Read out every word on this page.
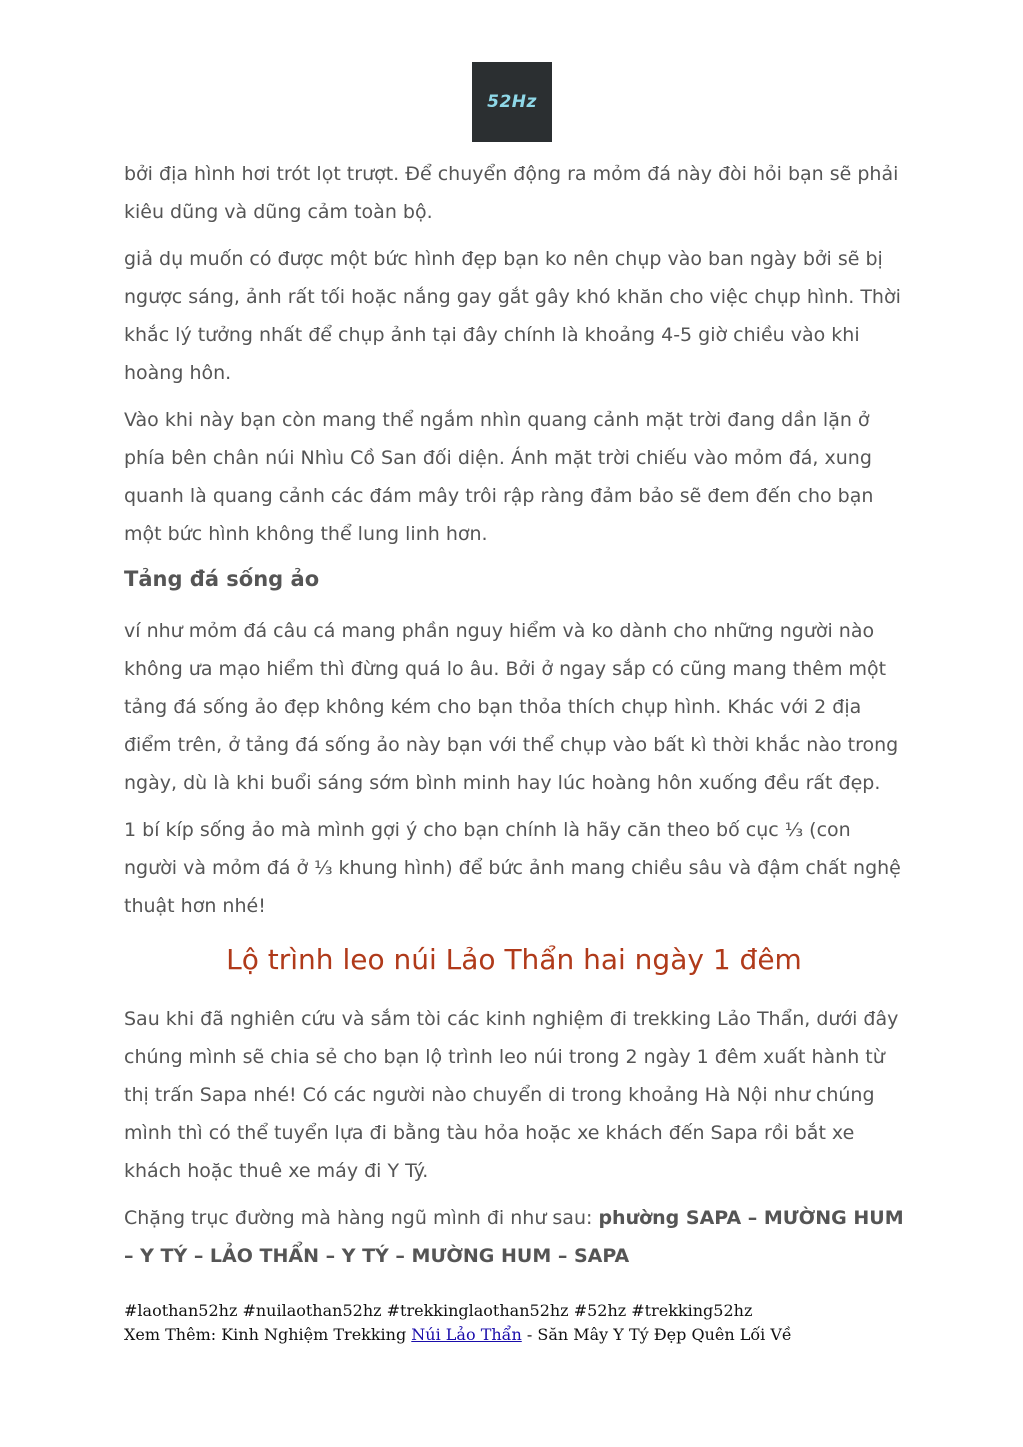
52Hz

bởi địa hình hơi trót lọt trượt. Để chuyển động ra mỏm đá này đòi hỏi bạn sẽ phải kiêu dũng và dũng cảm toàn bộ.

giả dụ muốn có được một bức hình đẹp bạn ko nên chụp vào ban ngày bởi sẽ bị ngược sáng, ảnh rất tối hoặc nắng gay gắt gây khó khăn cho việc chụp hình. Thời khắc lý tưởng nhất để chụp ảnh tại đây chính là khoảng 4-5 giờ chiều vào khi hoàng hôn.

Vào khi này bạn còn mang thể ngắm nhìn quang cảnh mặt trời đang dần lặn ở phía bên chân núi Nhìu Cồ San đối diện. Ánh mặt trời chiếu vào mỏm đá, xung quanh là quang cảnh các đám mây trôi rập ràng đảm bảo sẽ đem đến cho bạn một bức hình không thể lung linh hơn.

Tảng đá sống ảo

ví như mỏm đá câu cá mang phần nguy hiểm và ko dành cho những người nào không ưa mạo hiểm thì đừng quá lo âu. Bởi ở ngay sắp có cũng mang thêm một tảng đá sống ảo đẹp không kém cho bạn thỏa thích chụp hình. Khác với 2 địa điểm trên, ở tảng đá sống ảo này bạn với thể chụp vào bất kì thời khắc nào trong ngày, dù là khi buổi sáng sớm bình minh hay lúc hoàng hôn xuống đều rất đẹp.

1 bí kíp sống ảo mà mình gợi ý cho bạn chính là hãy căn theo bố cục ⅓ (con người và mỏm đá ở ⅓ khung hình) để bức ảnh mang chiều sâu và đậm chất nghệ thuật hơn nhé!

Lộ trình leo núi Lảo Thẩn hai ngày 1 đêm

Sau khi đã nghiên cứu và sắm tòi các kinh nghiệm đi trekking Lảo Thẩn, dưới đây chúng mình sẽ chia sẻ cho bạn lộ trình leo núi trong 2 ngày 1 đêm xuất hành từ thị trấn Sapa nhé! Có các người nào chuyển di trong khoảng Hà Nội như chúng mình thì có thể tuyển lựa đi bằng tàu hỏa hoặc xe khách đến Sapa rồi bắt xe khách hoặc thuê xe máy đi Y Tý.

Chặng trục đường mà hàng ngũ mình đi như sau: phường SAPA – MƯỜNG HUM – Y TÝ – LẢO THẨN – Y TÝ – MƯỜNG HUM – SAPA

#laothan52hz #nuilaothan52hz #trekkinglaothan52hz #52hz #trekking52hz
Xem Thêm: Kinh Nghiệm Trekking Núi Lảo Thẩn - Săn Mây Y Tý Đẹp Quên Lối Về
